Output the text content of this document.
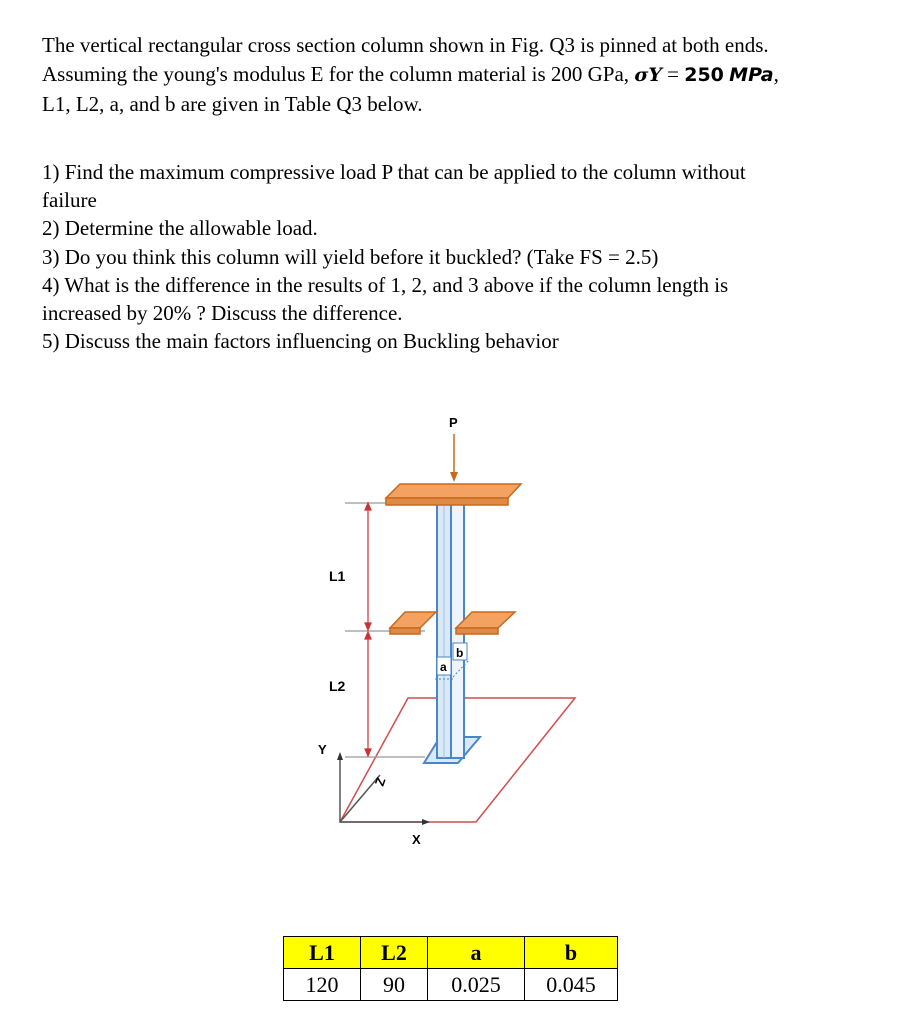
The vertical rectangular cross section column shown in Fig. Q3 is pinned at both ends.
Assuming the young's modulus E for the column material is 200 GPa, σY = 250 MPa,
L1, L2, a, and b are given in Table Q3 below.
1) Find the maximum compressive load P that can be applied to the column without
failure
2) Determine the allowable load.
3) Do you think this column will yield before it buckled? (Take FS = 2.5)
4) What is the difference in the results of 1, 2, and 3 above if the column length is
increased by 20% ? Discuss the difference.
5) Discuss the main factors influencing on Buckling behavior
P
a
b
L1
L2
Y
Z
X
L1	L2	a	b
120	90	0.025	0.045
